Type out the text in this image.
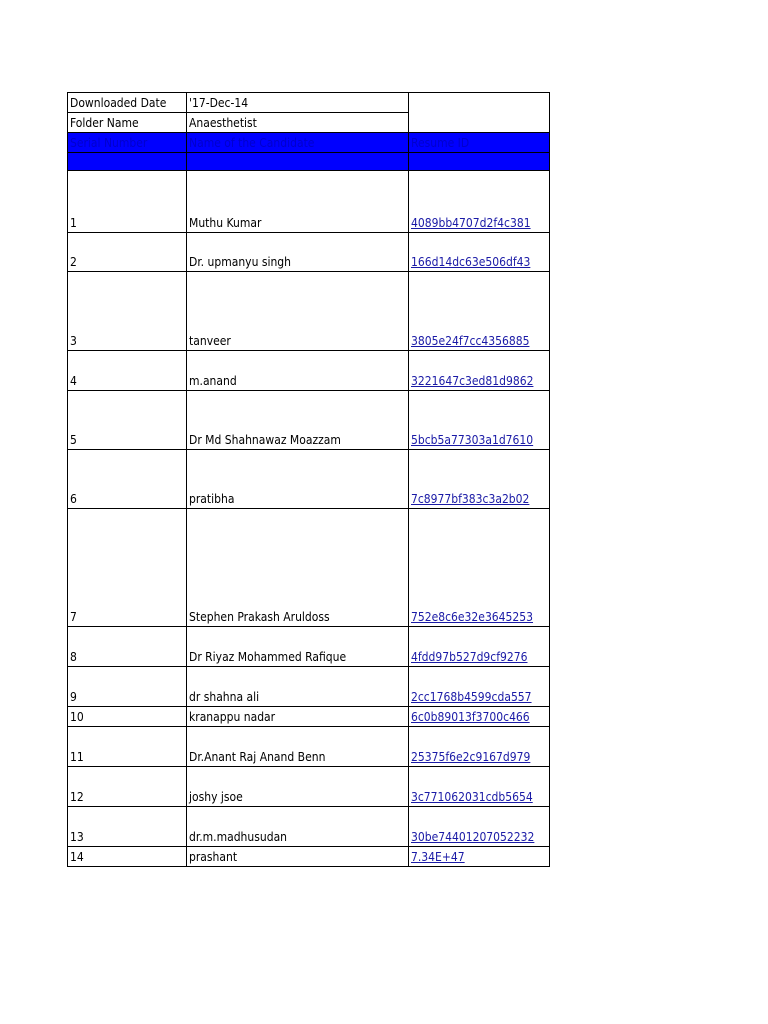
Downloaded Date	'17-Dec-14	
Folder Name	Anaesthetist	
Serial Number	Name of the Candidate	Resume ID

1	Muthu Kumar	4089bb4707d2f4c381
2	Dr. upmanyu singh	166d14dc63e506df43
3	tanveer	3805e24f7cc4356885
4	m.anand	3221647c3ed81d9862
5	Dr Md Shahnawaz Moazzam	5bcb5a77303a1d7610
6	pratibha	7c8977bf383c3a2b02
7	Stephen Prakash Aruldoss	752e8c6e32e3645253
8	Dr Riyaz Mohammed Rafique	4fdd97b527d9cf9276
9	dr shahna ali	2cc1768b4599cda557
10	kranappu nadar	6c0b89013f3700c466
11	Dr.Anant Raj Anand Benn	25375f6e2c9167d979
12	joshy jsoe	3c771062031cdb5654
13	dr.m.madhusudan	30be74401207052232
14	prashant	7.34E+47
